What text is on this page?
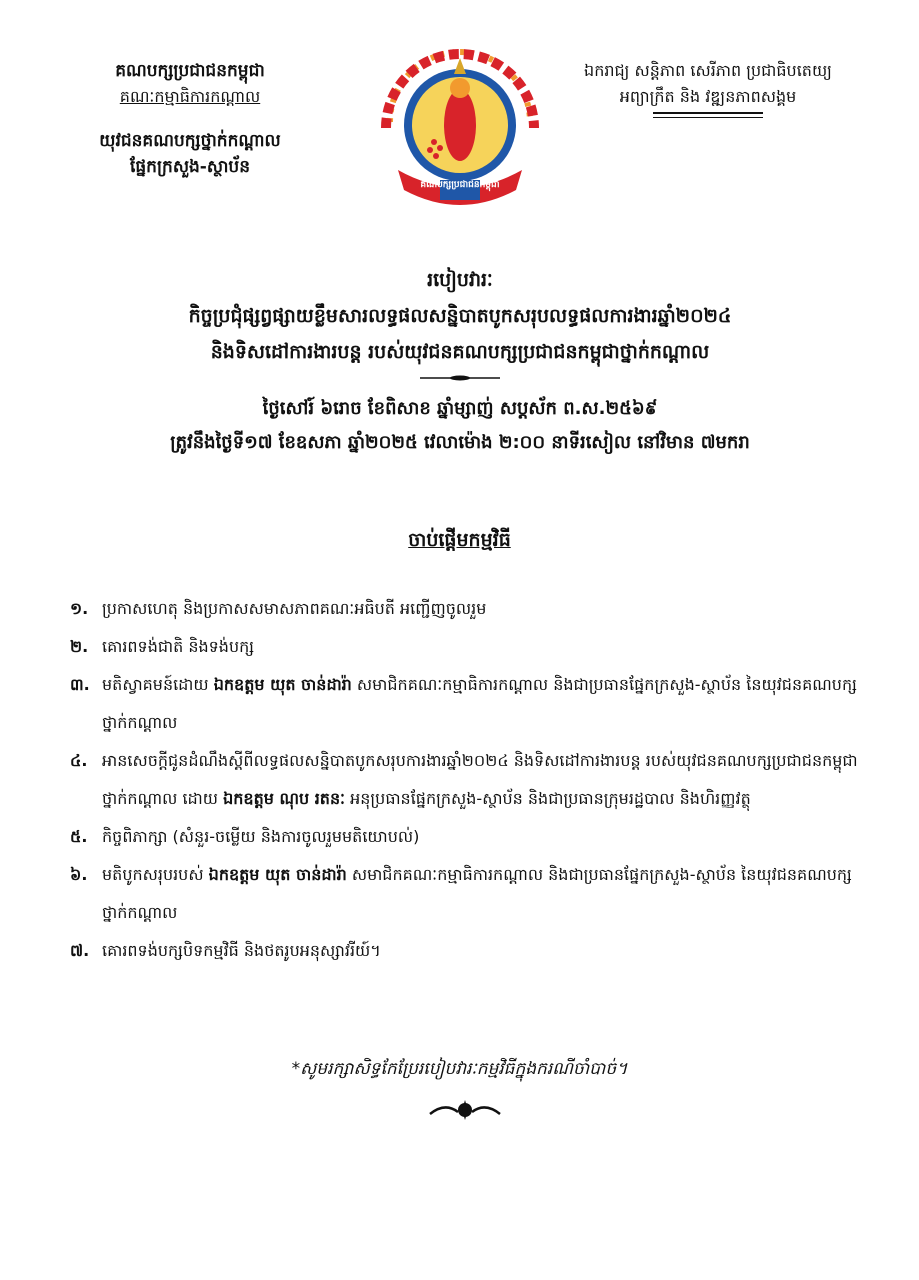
គណបក្សប្រជាជនកម្ពុជា
គណៈកម្មាធិការកណ្តាល
យុវជនគណបក្សថ្នាក់កណ្តាល
ផ្នែកក្រសួង-ស្ថាប័ន
គណបក្សប្រជាជនកម្ពុជា
ឯករាជ្យ សន្តិភាព សេរីភាព ប្រជាធិបតេយ្យ
អព្យាក្រឹត និង វឌ្ឍនភាពសង្គម
របៀបវារៈ
កិច្ចប្រជុំផ្សព្វផ្សាយខ្លឹមសារលទ្ធផលសន្និបាតបូកសរុបលទ្ធផលការងារឆ្នាំ២០២៤
និងទិសដៅការងារបន្ត របស់យុវជនគណបក្សប្រជាជនកម្ពុជាថ្នាក់កណ្តាល
ថ្ងៃសៅរ៍ ៦រោច ខែពិសាខ ឆ្នាំម្សាញ់ សប្តស័ក ព.ស.២៥៦៩
ត្រូវនឹងថ្ងៃទី១៧ ខែឧសភា ឆ្នាំ២០២៥ វេលាម៉ោង ២:០០ នាទីរសៀល នៅវិមាន ៧មករា
ចាប់ផ្តើមកម្មវិធី
១. ប្រកាសហេតុ និងប្រកាសសមាសភាពគណៈអធិបតី អញ្ជើញចូលរួម
២. គោរពទង់ជាតិ និងទង់បក្ស
៣. មតិស្វាគមន៍ដោយ ឯកឧត្តម យុត ចាន់ដារ៉ា សមាជិកគណៈកម្មាធិការកណ្តាល និងជាប្រធានផ្នែកក្រសួង-ស្ថាប័ន នៃយុវជនគណបក្សថ្នាក់កណ្តាល
៤. អានសេចក្តីជូនដំណឹងស្តីពីលទ្ធផលសន្និបាតបូកសរុបការងារឆ្នាំ២០២៤ និងទិសដៅការងារបន្ត របស់យុវជនគណបក្សប្រជាជនកម្ពុជាថ្នាក់កណ្តាល ដោយ ឯកឧត្តម ណុប រតនៈ អនុប្រធានផ្នែកក្រសួង-ស្ថាប័ន និងជាប្រធានក្រុមរដ្ឋបាល និងហិរញ្ញវត្ថុ
៥. កិច្ចពិភាក្សា (សំនួរ-ចម្លើយ និងការចូលរួមមតិយោបល់)
៦. មតិបូកសរុបរបស់ ឯកឧត្តម យុត ចាន់ដារ៉ា សមាជិកគណៈកម្មាធិការកណ្តាល និងជាប្រធានផ្នែកក្រសួង-ស្ថាប័ន នៃយុវជនគណបក្សថ្នាក់កណ្តាល
៧. គោរពទង់បក្សបិទកម្មវិធី និងថតរូបអនុស្សាវរីយ៍។
*សូមរក្សាសិទ្ធកែប្រែរបៀបវារៈកម្មវិធីក្នុងករណីចាំបាច់។
